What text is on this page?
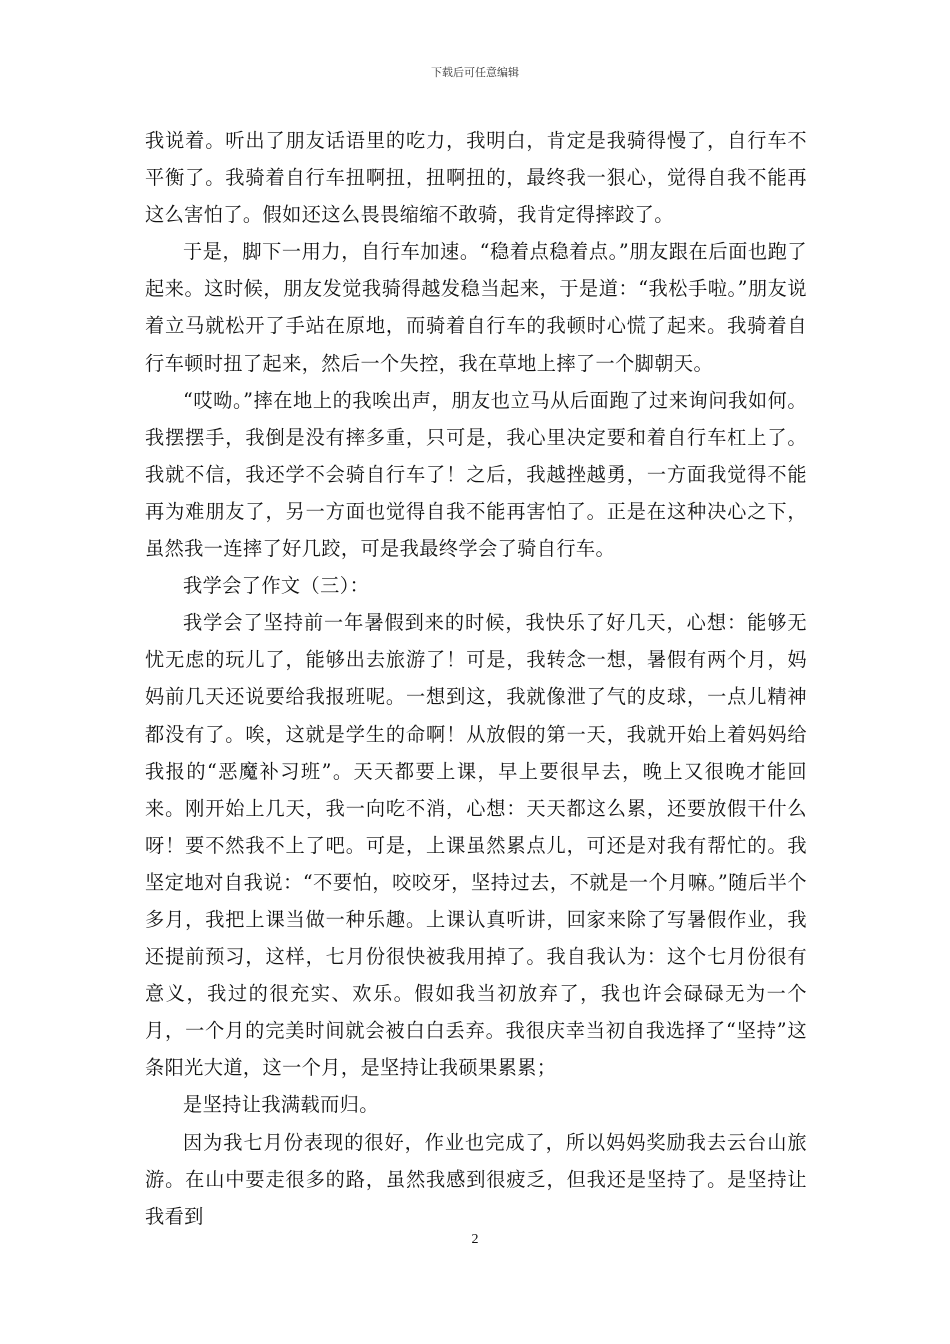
下载后可任意编辑

我说着。听出了朋友话语里的吃力，我明白，肯定是我骑得慢了，自行车不平衡了。我骑着自行车扭啊扭，扭啊扭的，最终我一狠心，觉得自我不能再这么害怕了。假如还这么畏畏缩缩不敢骑，我肯定得摔跤了。

于是，脚下一用力，自行车加速。“稳着点稳着点。”朋友跟在后面也跑了起来。这时候，朋友发觉我骑得越发稳当起来，于是道：“我松手啦。”朋友说着立马就松开了手站在原地，而骑着自行车的我顿时心慌了起来。我骑着自行车顿时扭了起来，然后一个失控，我在草地上摔了一个脚朝天。

“哎呦。”摔在地上的我唉出声，朋友也立马从后面跑了过来询问我如何。我摆摆手，我倒是没有摔多重，只可是，我心里决定要和着自行车杠上了。我就不信，我还学不会骑自行车了！之后，我越挫越勇，一方面我觉得不能再为难朋友了，另一方面也觉得自我不能再害怕了。正是在这种决心之下，虽然我一连摔了好几跤，可是我最终学会了骑自行车。

我学会了作文（三）：

我学会了坚持前一年暑假到来的时候，我快乐了好几天，心想：能够无忧无虑的玩儿了，能够出去旅游了！可是，我转念一想，暑假有两个月，妈妈前几天还说要给我报班呢。一想到这，我就像泄了气的皮球，一点儿精神都没有了。唉，这就是学生的命啊！从放假的第一天，我就开始上着妈妈给我报的“恶魔补习班”。天天都要上课，早上要很早去，晚上又很晚才能回来。刚开始上几天，我一向吃不消，心想：天天都这么累，还要放假干什么呀！要不然我不上了吧。可是，上课虽然累点儿，可还是对我有帮忙的。我坚定地对自我说：“不要怕，咬咬牙，坚持过去，不就是一个月嘛。”随后半个多月，我把上课当做一种乐趣。上课认真听讲，回家来除了写暑假作业，我还提前预习，这样，七月份很快被我用掉了。我自我认为：这个七月份很有意义，我过的很充实、欢乐。假如我当初放弃了，我也许会碌碌无为一个月，一个月的完美时间就会被白白丢弃。我很庆幸当初自我选择了“坚持”这条阳光大道，这一个月，是坚持让我硕果累累；

是坚持让我满载而归。

因为我七月份表现的很好，作业也完成了，所以妈妈奖励我去云台山旅游。在山中要走很多的路，虽然我感到很疲乏，但我还是坚持了。是坚持让我看到

2
